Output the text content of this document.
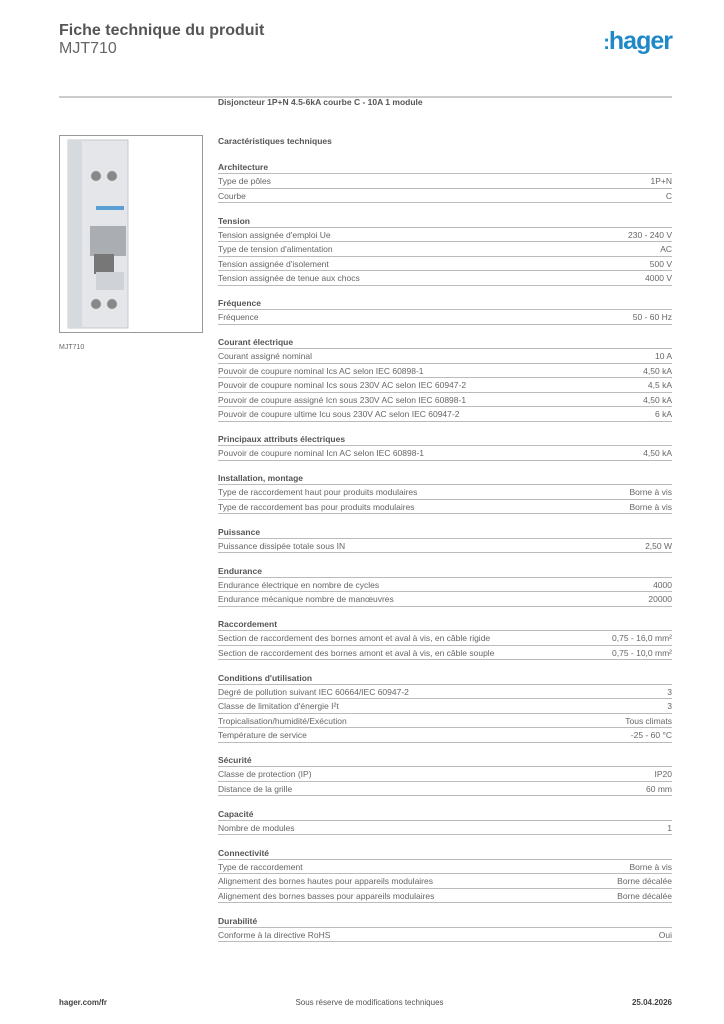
Fiche technique du produit
MJT710	:hager
MJT710
Disjoncteur 1P+N 4.5-6kA courbe C - 10A 1 module
Caractéristiques techniques
Architecture
Type de pôles	1P+N
Courbe	C
Tension
Tension assignée d'emploi Ue	230 - 240 V
Type de tension d'alimentation	AC
Tension assignée d'isolement	500 V
Tension assignée de tenue aux chocs	4000 V
Fréquence
Fréquence	50 - 60 Hz
Courant électrique
Courant assigné nominal	10 A
Pouvoir de coupure nominal Ics AC selon IEC 60898-1	4,50 kA
Pouvoir de coupure nominal Ics sous 230V AC selon IEC 60947-2	4,5 kA
Pouvoir de coupure assigné Icn sous 230V AC selon IEC 60898-1	4,50 kA
Pouvoir de coupure ultime Icu sous 230V AC selon IEC 60947-2	6 kA
Principaux attributs électriques
Pouvoir de coupure nominal Icn AC selon IEC 60898-1	4,50 kA
Installation, montage
Type de raccordement haut pour produits modulaires	Borne à vis
Type de raccordement bas pour produits modulaires	Borne à vis
Puissance
Puissance dissipée totale sous IN	2,50 W
Endurance
Endurance électrique en nombre de cycles	4000
Endurance mécanique nombre de manœuvres	20000
Raccordement
Section de raccordement des bornes amont et aval à vis, en câble rigide	0,75 - 16,0 mm²
Section de raccordement des bornes amont et aval à vis, en câble souple	0,75 - 10,0 mm²
Conditions d'utilisation
Degré de pollution suivant IEC 60664/IEC 60947-2	3
Classe de limitation d'énergie I²t	3
Tropicalisation/humidité/Exécution	Tous climats
Température de service	-25 - 60 °C
Sécurité
Classe de protection (IP)	IP20
Distance de la grille	60 mm
Capacité
Nombre de modules	1
Connectivité
Type de raccordement	Borne à vis
Alignement des bornes hautes pour appareils modulaires	Borne décalée
Alignement des bornes basses pour appareils modulaires	Borne décalée
Durabilité
Conforme à la directive RoHS	Oui
hager.com/fr	Sous réserve de modifications techniques	25.04.2026
